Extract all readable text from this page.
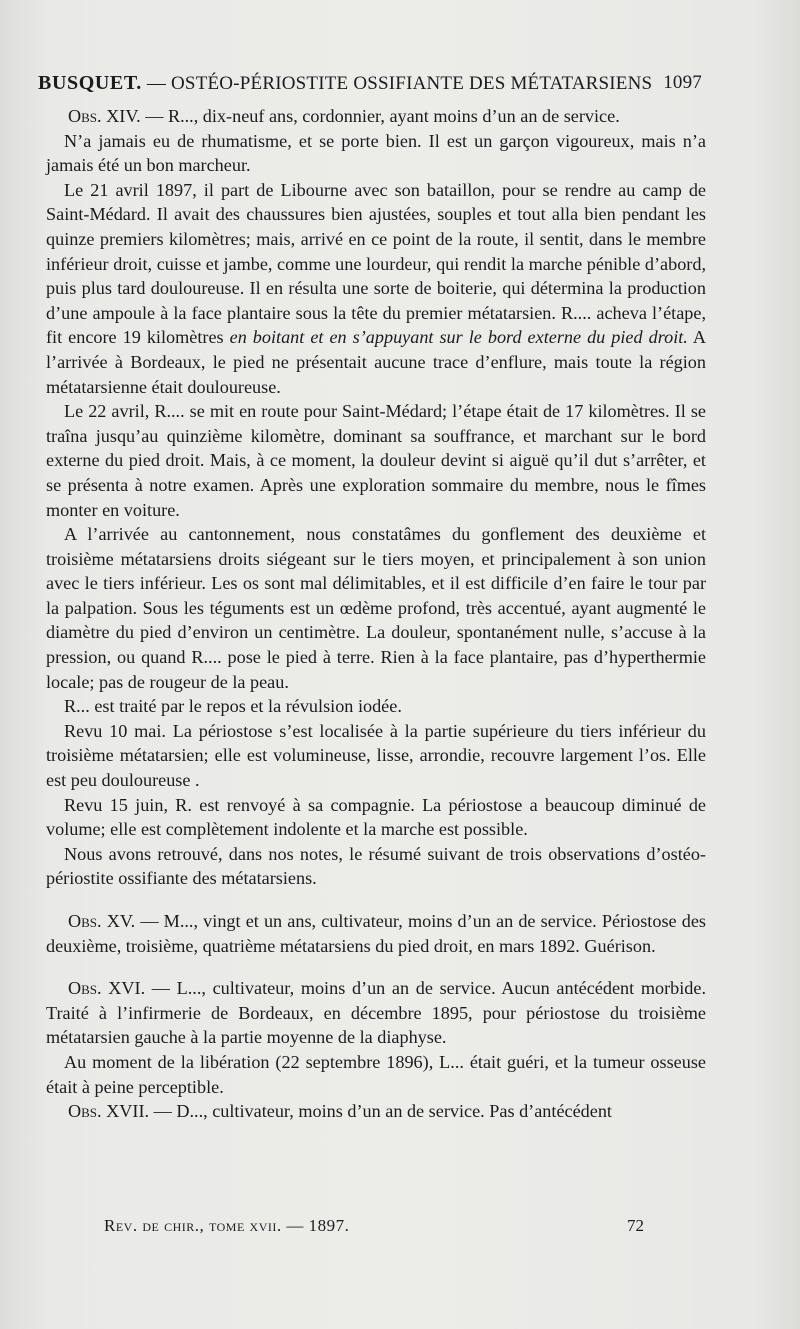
BUSQUET. — OSTÉO-PÉRIOSTITE OSSIFIANTE DES MÉTATARSIENS 1097

Obs. XIV. — R..., dix-neuf ans, cordonnier, ayant moins d’un an de service.

N’a jamais eu de rhumatisme, et se porte bien. Il est un garçon vigoureux, mais n’a jamais été un bon marcheur.

Le 21 avril 1897, il part de Libourne avec son bataillon, pour se rendre au camp de Saint-Médard. Il avait des chaussures bien ajustées, souples et tout alla bien pendant les quinze premiers kilomètres; mais, arrivé en ce point de la route, il sentit, dans le membre inférieur droit, cuisse et jambe, comme une lourdeur, qui rendit la marche pénible d’abord, puis plus tard douloureuse. Il en résulta une sorte de boiterie, qui détermina la production d’une ampoule à la face plantaire sous la tête du premier métatarsien. R.... acheva l’étape, fit encore 19 kilomètres en boitant et en s’appuyant sur le bord externe du pied droit. A l’arrivée à Bordeaux, le pied ne présentait aucune trace d’enflure, mais toute la région métatarsienne était douloureuse.

Le 22 avril, R.... se mit en route pour Saint-Médard; l’étape était de 17 kilomètres. Il se traîna jusqu’au quinzième kilomètre, dominant sa souffrance, et marchant sur le bord externe du pied droit. Mais, à ce moment, la douleur devint si aiguë qu’il dut s’arrêter, et se présenta à notre examen. Après une exploration sommaire du membre, nous le fîmes monter en voiture.

A l’arrivée au cantonnement, nous constatâmes du gonflement des deuxième et troisième métatarsiens droits siégeant sur le tiers moyen, et principalement à son union avec le tiers inférieur. Les os sont mal délimitables, et il est difficile d’en faire le tour par la palpation. Sous les téguments est un œdème profond, très accentué, ayant augmenté le diamètre du pied d’environ un centimètre. La douleur, spontanément nulle, s’accuse à la pression, ou quand R.... pose le pied à terre. Rien à la face plantaire, pas d’hyperthermie locale; pas de rougeur de la peau.

R... est traité par le repos et la révulsion iodée.

Revu 10 mai. La périostose s’est localisée à la partie supérieure du tiers inférieur du troisième métatarsien; elle est volumineuse, lisse, arrondie, recouvre largement l’os. Elle est peu douloureuse .

Revu 15 juin, R. est renvoyé à sa compagnie. La périostose a beaucoup diminué de volume; elle est complètement indolente et la marche est possible.

Nous avons retrouvé, dans nos notes, le résumé suivant de trois observations d’ostéo-périostite ossifiante des métatarsiens.

Obs. XV. — M..., vingt et un ans, cultivateur, moins d’un an de service. Périostose des deuxième, troisième, quatrième métatarsiens du pied droit, en mars 1892. Guérison.

Obs. XVI. — L..., cultivateur, moins d’un an de service. Aucun antécédent morbide. Traité à l’infirmerie de Bordeaux, en décembre 1895, pour périostose du troisième métatarsien gauche à la partie moyenne de la diaphyse.

Au moment de la libération (22 septembre 1896), L... était guéri, et la tumeur osseuse était à peine perceptible.

Obs. XVII. — D..., cultivateur, moins d’un an de service. Pas d’antécédent

Rev. de chir., tome xvii. — 1897.	72
